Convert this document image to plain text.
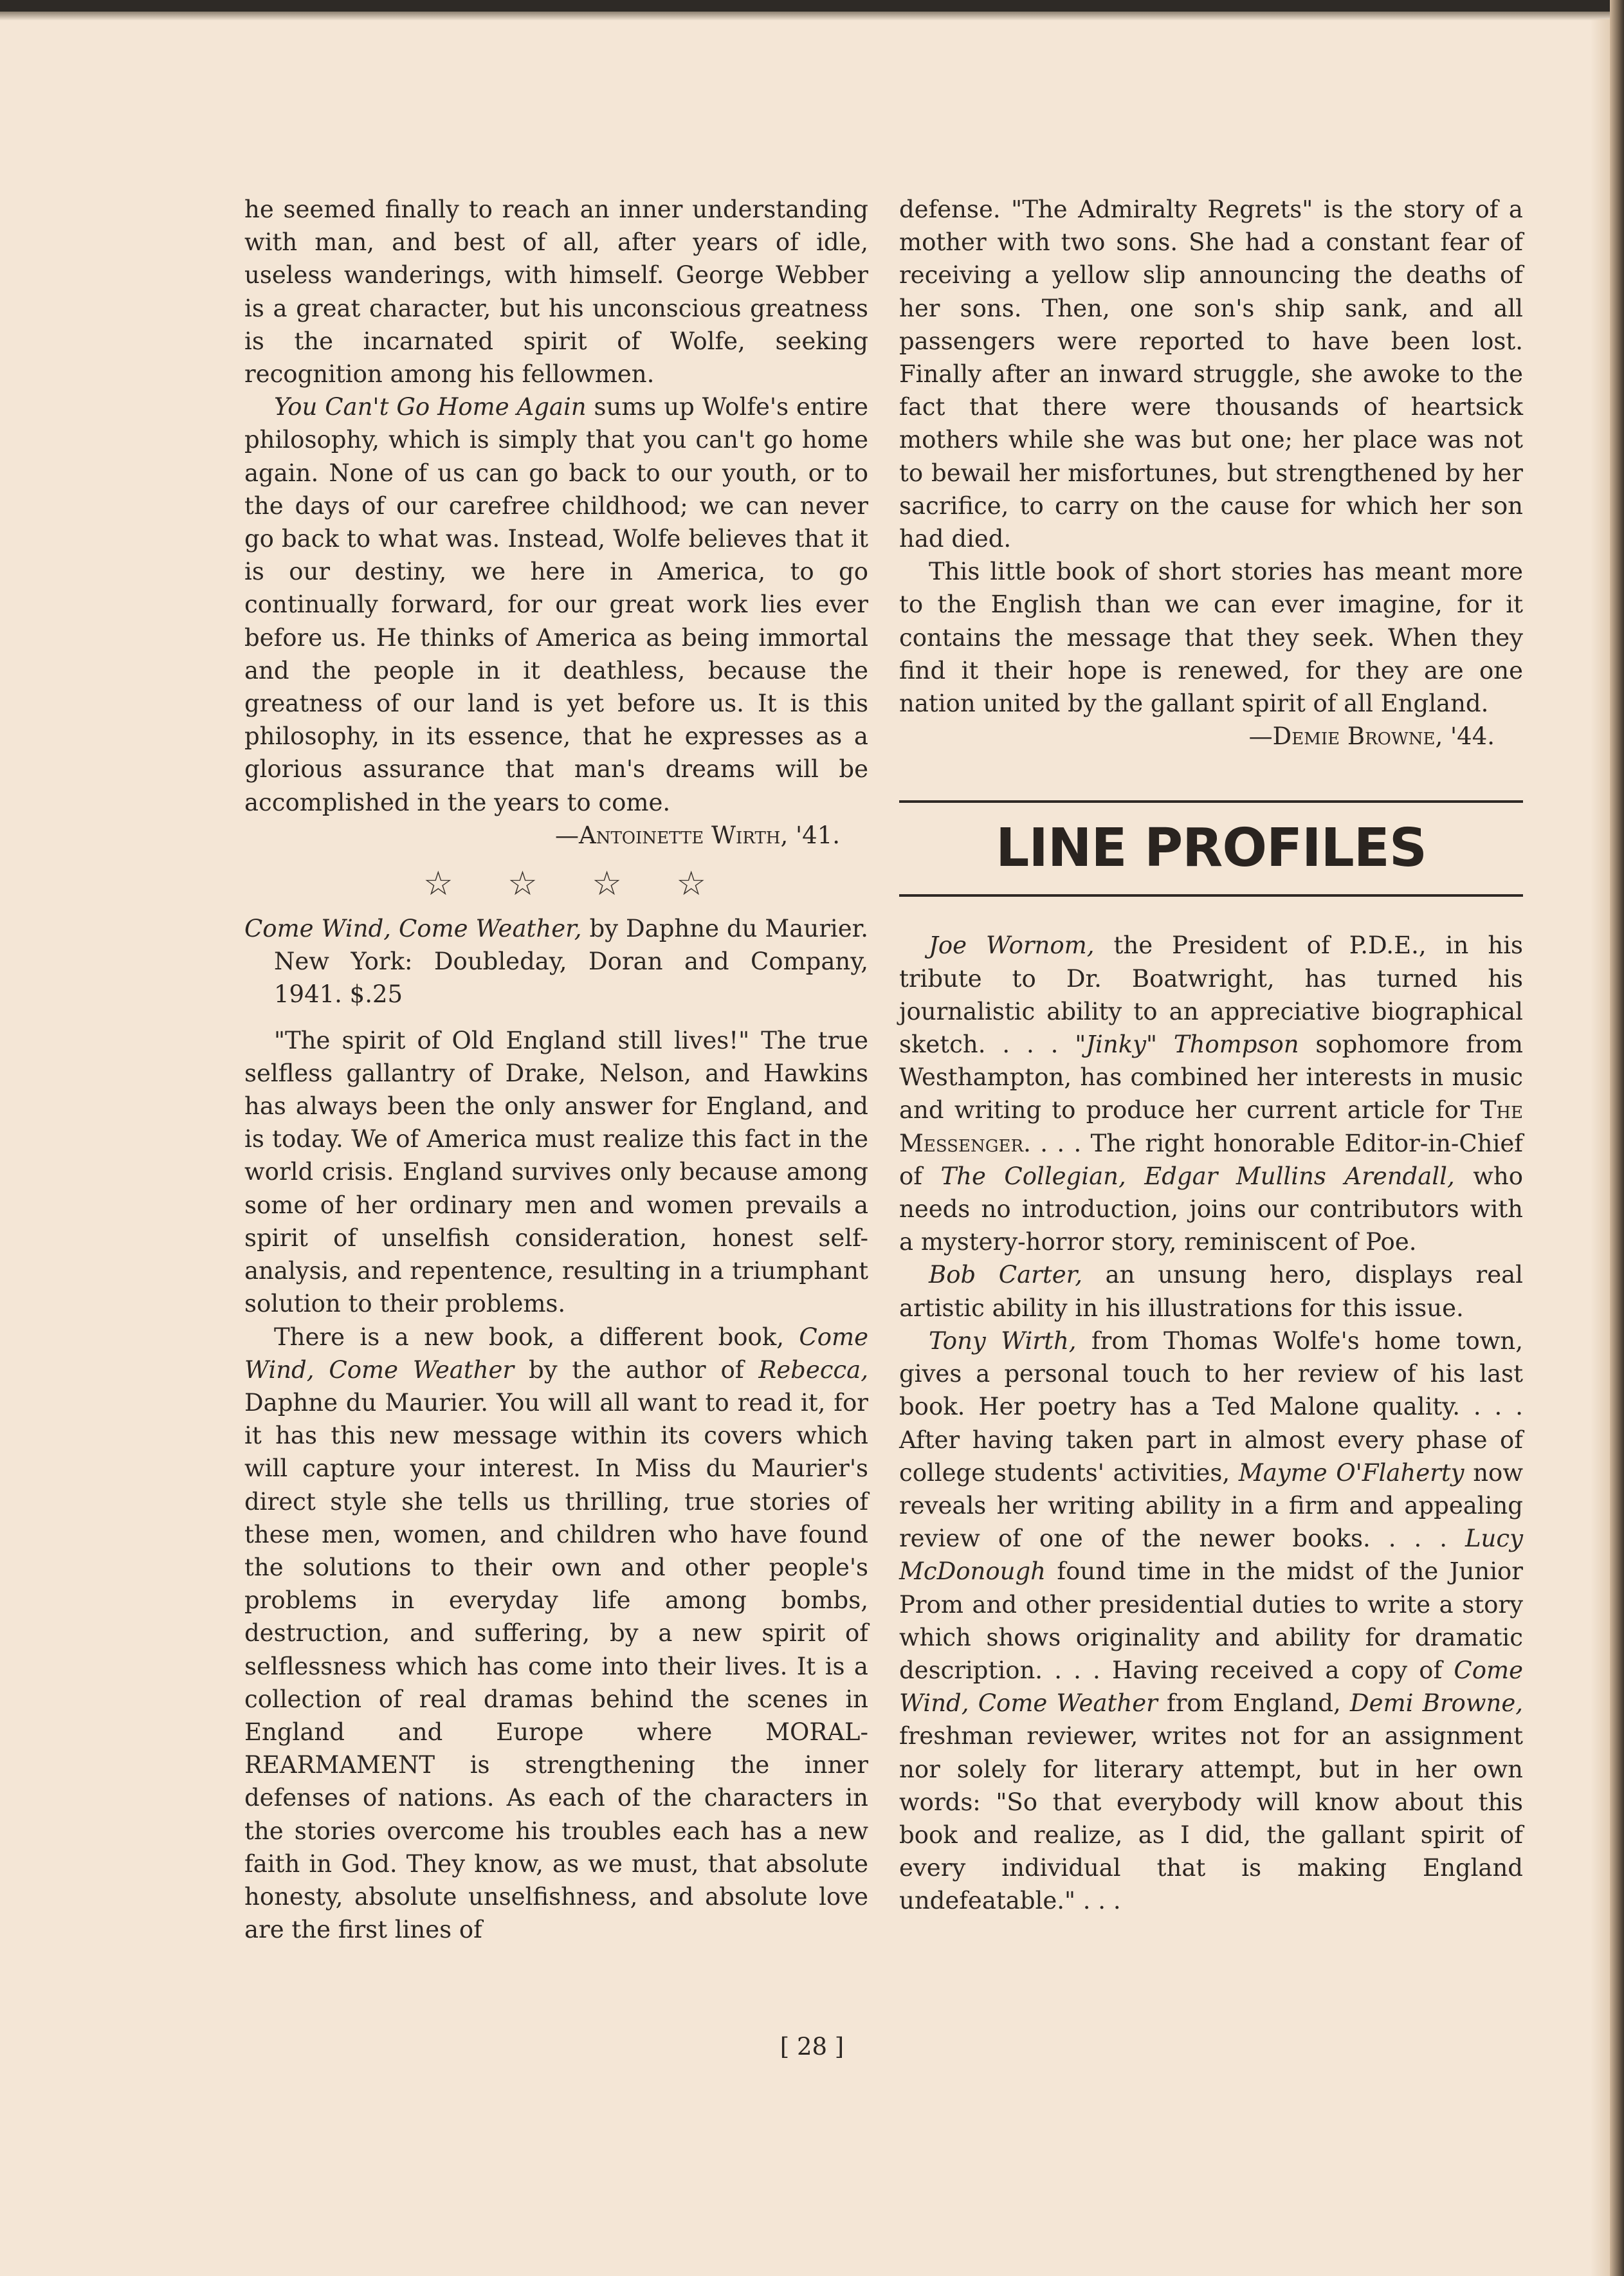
he seemed finally to reach an inner understanding with man, and best of all, after years of idle, useless wanderings, with himself. George Webber is a great character, but his unconscious greatness is the incarnated spirit of Wolfe, seeking recognition among his fellowmen.

You Can't Go Home Again sums up Wolfe's entire philosophy, which is simply that you can't go home again. None of us can go back to our youth, or to the days of our carefree childhood; we can never go back to what was. Instead, Wolfe believes that it is our destiny, we here in America, to go continually forward, for our great work lies ever before us. He thinks of America as being immortal and the people in it deathless, because the greatness of our land is yet before us. It is this philosophy, in its essence, that he expresses as a glorious assurance that man's dreams will be accomplished in the years to come.

—Antoinette Wirth, '41.

☆ ☆ ☆ ☆

Come Wind, Come Weather, by Daphne du Maurier. New York: Doubleday, Doran and Company, 1941. $.25

"The spirit of Old England still lives!" The true selfless gallantry of Drake, Nelson, and Hawkins has always been the only answer for England, and is today. We of America must realize this fact in the world crisis. England survives only because among some of her ordinary men and women prevails a spirit of unselfish consideration, honest self-analysis, and repentence, resulting in a triumphant solution to their problems.

There is a new book, a different book, Come Wind, Come Weather by the author of Rebecca, Daphne du Maurier. You will all want to read it, for it has this new message within its covers which will capture your interest. In Miss du Maurier's direct style she tells us thrilling, true stories of these men, women, and children who have found the solutions to their own and other people's problems in everyday life among bombs, destruction, and suffering, by a new spirit of selflessness which has come into their lives. It is a collection of real dramas behind the scenes in England and Europe where MORAL-REARMAMENT is strengthening the inner defenses of nations. As each of the characters in the stories overcome his troubles each has a new faith in God. They know, as we must, that absolute honesty, absolute unselfishness, and absolute love are the first lines of

defense. "The Admiralty Regrets" is the story of a mother with two sons. She had a constant fear of receiving a yellow slip announcing the deaths of her sons. Then, one son's ship sank, and all passengers were reported to have been lost. Finally after an inward struggle, she awoke to the fact that there were thousands of heartsick mothers while she was but one; her place was not to bewail her misfortunes, but strengthened by her sacrifice, to carry on the cause for which her son had died.

This little book of short stories has meant more to the English than we can ever imagine, for it contains the message that they seek. When they find it their hope is renewed, for they are one nation united by the gallant spirit of all England.

—Demie Browne, '44.

LINE PROFILES

Joe Wornom, the President of P.D.E., in his tribute to Dr. Boatwright, has turned his journalistic ability to an appreciative biographical sketch. . . . "Jinky" Thompson sophomore from Westhampton, has combined her interests in music and writing to produce her current article for The Messenger. . . . The right honorable Editor-in-Chief of The Collegian, Edgar Mullins Arendall, who needs no introduction, joins our contributors with a mystery-horror story, reminiscent of Poe.

Bob Carter, an unsung hero, displays real artistic ability in his illustrations for this issue.

Tony Wirth, from Thomas Wolfe's home town, gives a personal touch to her review of his last book. Her poetry has a Ted Malone quality. . . . After having taken part in almost every phase of college students' activities, Mayme O'Flaherty now reveals her writing ability in a firm and appealing review of one of the newer books. . . . Lucy McDonough found time in the midst of the Junior Prom and other presidential duties to write a story which shows originality and ability for dramatic description. . . . Having received a copy of Come Wind, Come Weather from England, Demi Browne, freshman reviewer, writes not for an assignment nor solely for literary attempt, but in her own words: "So that everybody will know about this book and realize, as I did, the gallant spirit of every individual that is making England undefeatable." . . .

[ 28 ]
